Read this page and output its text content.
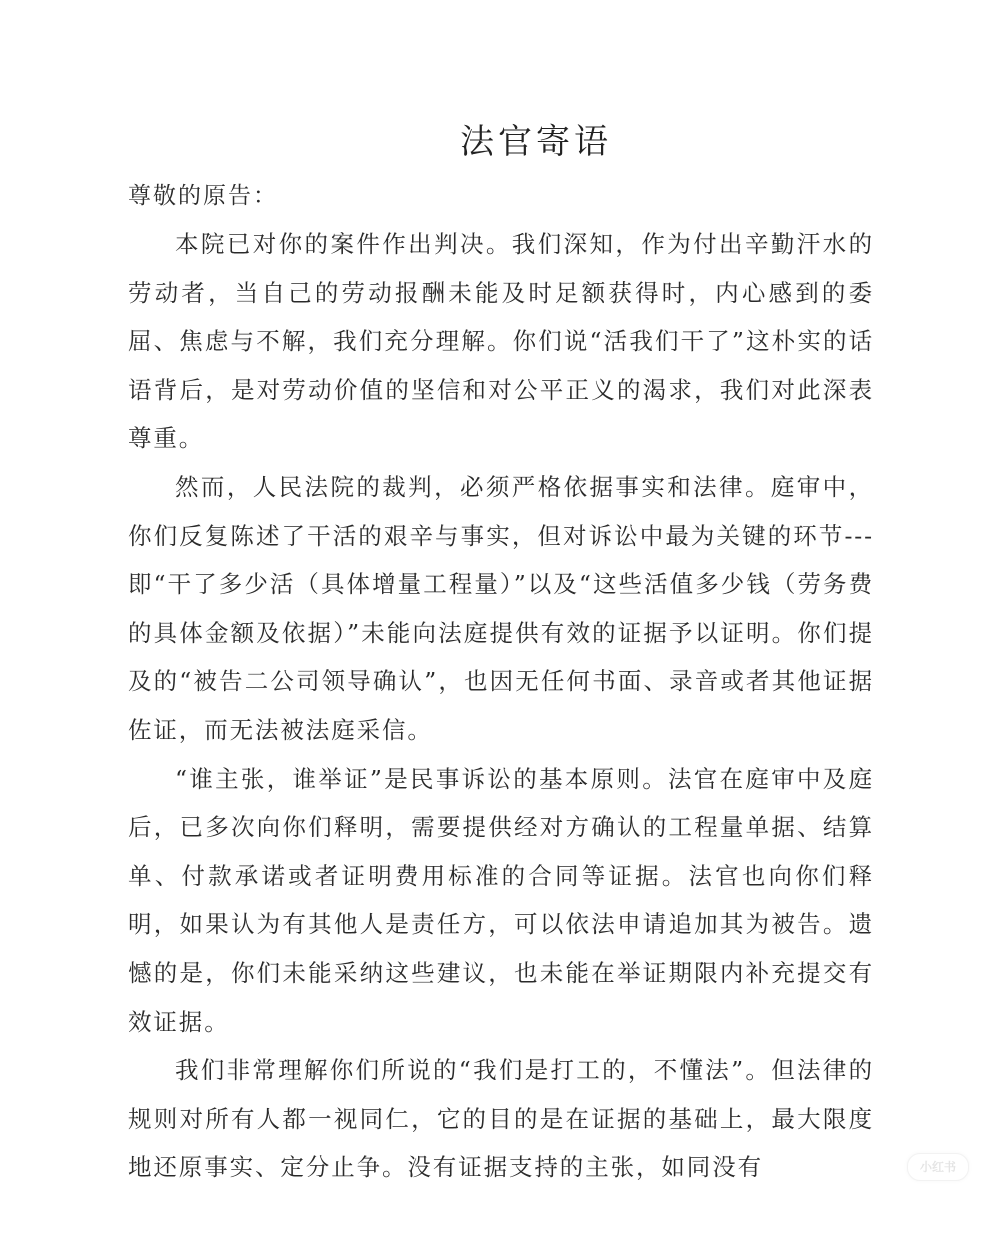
法官寄语
尊敬的原告：

本院已对你的案件作出判决。我们深知，作为付出辛勤汗水的劳动者，当自己的劳动报酬未能及时足额获得时，内心感到的委屈、焦虑与不解，我们充分理解。你们说“活我们干了”这朴实的话语背后，是对劳动价值的坚信和对公平正义的渴求，我们对此深表尊重。

然而，人民法院的裁判，必须严格依据事实和法律。庭审中，你们反复陈述了干活的艰辛与事实，但对诉讼中最为关键的环节---即“干了多少活（具体增量工程量）”以及“这些活值多少钱（劳务费的具体金额及依据）”未能向法庭提供有效的证据予以证明。你们提及的“被告二公司领导确认”，也因无任何书面、录音或者其他证据佐证，而无法被法庭采信。

“谁主张，谁举证”是民事诉讼的基本原则。法官在庭审中及庭后，已多次向你们释明，需要提供经对方确认的工程量单据、结算单、付款承诺或者证明费用标准的合同等证据。法官也向你们释明，如果认为有其他人是责任方，可以依法申请追加其为被告。遗憾的是，你们未能采纳这些建议，也未能在举证期限内补充提交有效证据。

我们非常理解你们所说的“我们是打工的，不懂法”。但法律的规则对所有人都一视同仁，它的目的是在证据的基础上，最大限度地还原事实、定分止争。没有证据支持的主张，如同没有	小红书
